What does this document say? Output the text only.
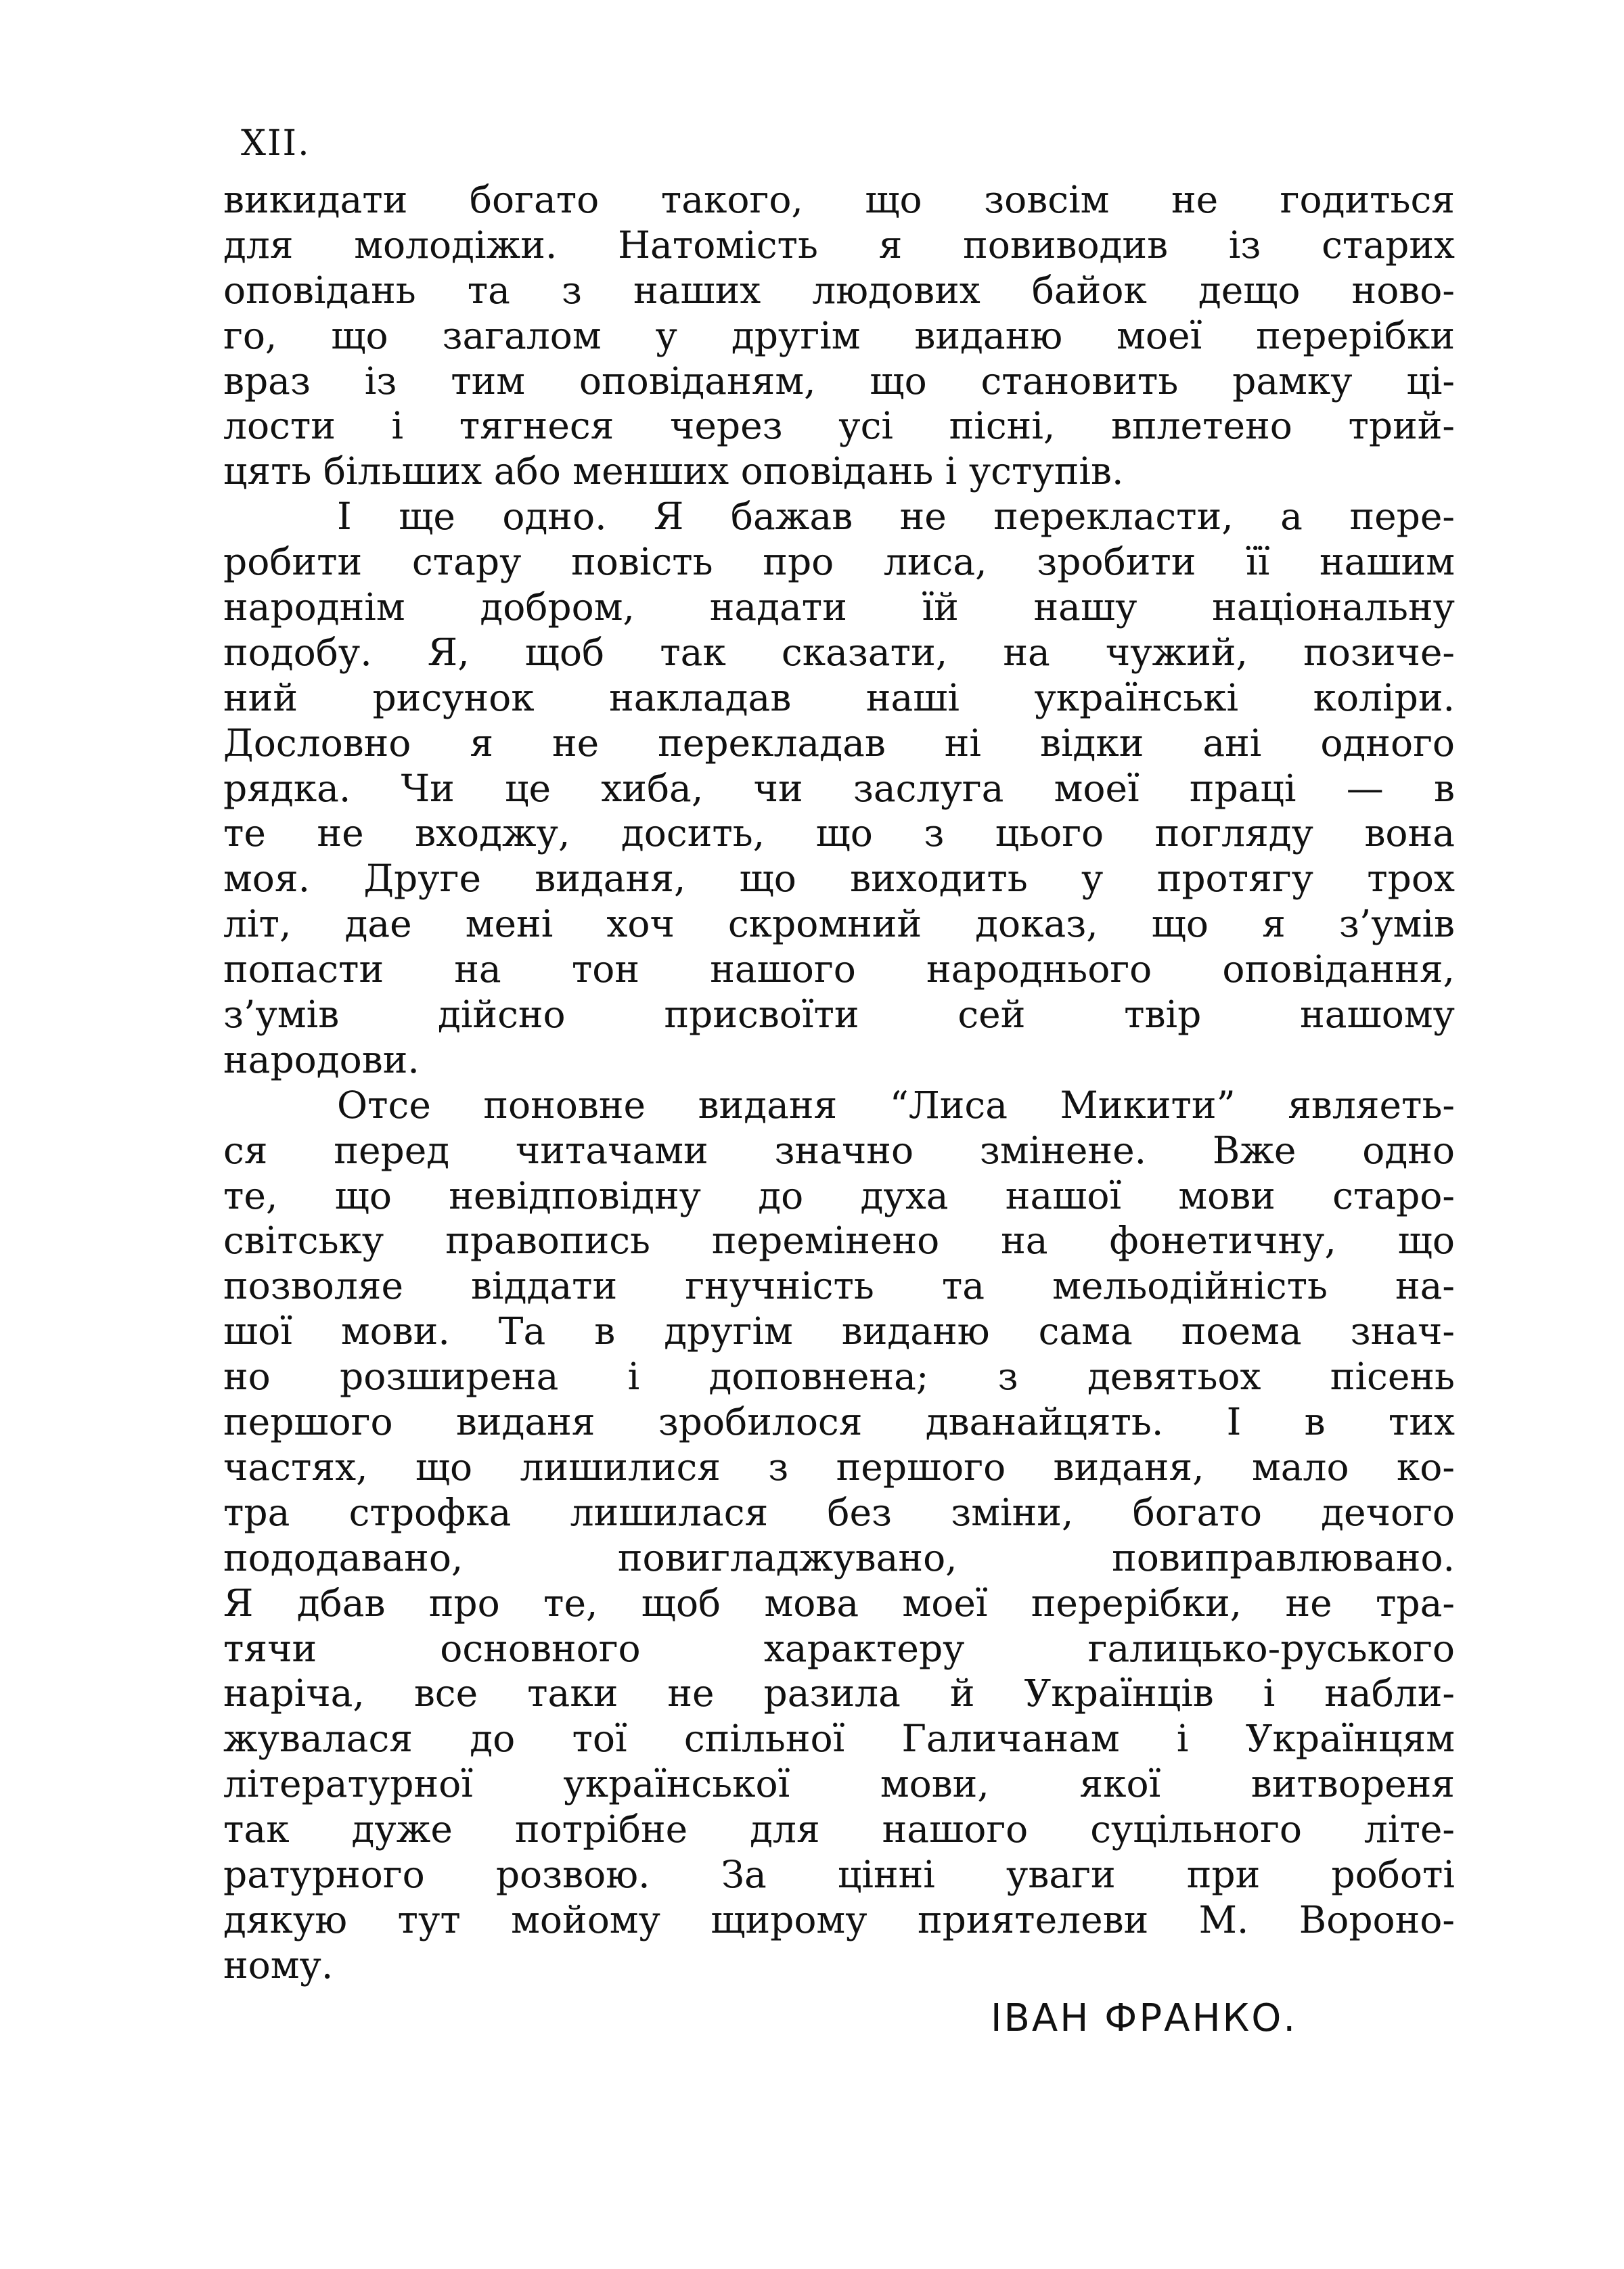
XII.

викидати богато такого, що зовсім не годиться
для молодіжи. Натомість я повиводив із старих
оповідань та з наших людових байок дещо ново-
го, що загалом у другім виданю моеї перерібки
враз із тим оповіданям, що становить рамку ці-
лости і тягнеся через усі пісні, вплетено трий-
цять більших або менших оповідань і уступів.
І ще одно. Я бажав не перекласти, а пере-
робити стару повість про лиса, зробити її нашим
народнім добром, надати їй нашу національну
подобу. Я, щоб так сказати, на чужий, позиче-
ний рисунок накладав наші українські коліри.
Дословно я не перекладав ні відки ані одного
рядка. Чи це хиба, чи заслуга моеї праці — в
те не входжу, досить, що з цього погляду вона
моя. Друге виданя, що виходить у протягу трох
літ, дае мені хоч скромний доказ, що я з’умів
попасти на тон нашого народнього оповідання,
з’умів дійсно присвоїти сей твір нашому
народови.
Отсе поновне виданя “Лиса Микити” являеть-
ся перед читачами значно змінене. Вже одно
те, що невідповідну до духа нашої мови старо-
світську правопись перемінено на фонетичну, що
позволяе віддати гнучність та мельодійність на-
шої мови. Та в другім виданю сама поема знач-
но розширена і доповнена; з девятьох пісень
першого виданя зробилося дванайцять. І в тих
частях, що лишилися з першого виданя, мало ко-
тра строфка лишилася без зміни, богато дечого
пододавано, повигладжувано, повиправлювано.
Я дбав про те, щоб мова моеї перерібки, не тра-
тячи основного характеру галицько-руського
наріча, все таки не разила й Українців і набли-
жувалася до тої спільної Галичанам і Українцям
літературної української мови, якої витвореня
так дуже потрібне для нашого суцільного літе-
ратурного розвою. За цінні уваги при роботі
дякую тут мойому щирому приятелеви М. Вороно-
ному.

ІВАН ФРАНКО.
